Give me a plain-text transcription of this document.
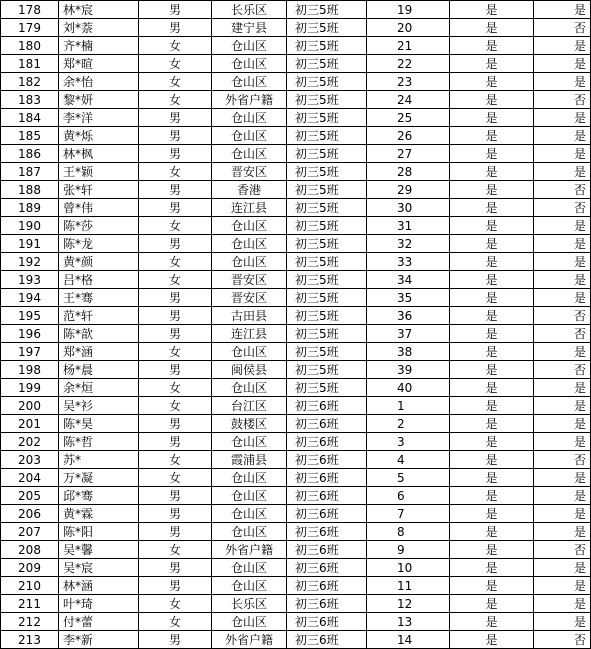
178	林*宸	男	长乐区	初三5班	19	是	是
179	刘*萘	男	建宁县	初三5班	20	是	否
180	齐*楠	女	仓山区	初三5班	21	是	是
181	郑*暄	女	仓山区	初三5班	22	是	是
182	余*怡	女	仓山区	初三5班	23	是	是
183	黎*妍	女	外省户籍	初三5班	24	是	否
184	李*洋	男	仓山区	初三5班	25	是	是
185	黄*烁	男	仓山区	初三5班	26	是	是
186	林*枫	男	仓山区	初三5班	27	是	是
187	王*颖	女	晋安区	初三5班	28	是	是
188	张*轩	男	香港	初三5班	29	是	否
189	曾*伟	男	连江县	初三5班	30	是	否
190	陈*莎	女	仓山区	初三5班	31	是	是
191	陈*龙	男	仓山区	初三5班	32	是	是
192	黄*颜	女	仓山区	初三5班	33	是	是
193	吕*格	女	晋安区	初三5班	34	是	是
194	王*骞	男	晋安区	初三5班	35	是	是
195	范*轩	男	古田县	初三5班	36	是	否
196	陈*歆	男	连江县	初三5班	37	是	否
197	郑*涵	女	仓山区	初三5班	38	是	是
198	杨*晨	男	闽侯县	初三5班	39	是	否
199	余*烜	女	仓山区	初三5班	40	是	是
200	吴*衫	女	台江区	初三6班	1	是	是
201	陈*昊	男	鼓楼区	初三6班	2	是	是
202	陈*哲	男	仓山区	初三6班	3	是	是
203	苏*	女	霞浦县	初三6班	4	是	否
204	万*凝	女	仓山区	初三6班	5	是	是
205	邱*骞	男	仓山区	初三6班	6	是	是
206	黄*霖	男	仓山区	初三6班	7	是	是
207	陈*阳	男	仓山区	初三6班	8	是	是
208	吴*馨	女	外省户籍	初三6班	9	是	否
209	吴*宸	男	仓山区	初三6班	10	是	是
210	林*涵	男	仓山区	初三6班	11	是	是
211	叶*琦	女	长乐区	初三6班	12	是	是
212	付*蕾	女	仓山区	初三6班	13	是	是
213	李*新	男	外省户籍	初三6班	14	是	否
